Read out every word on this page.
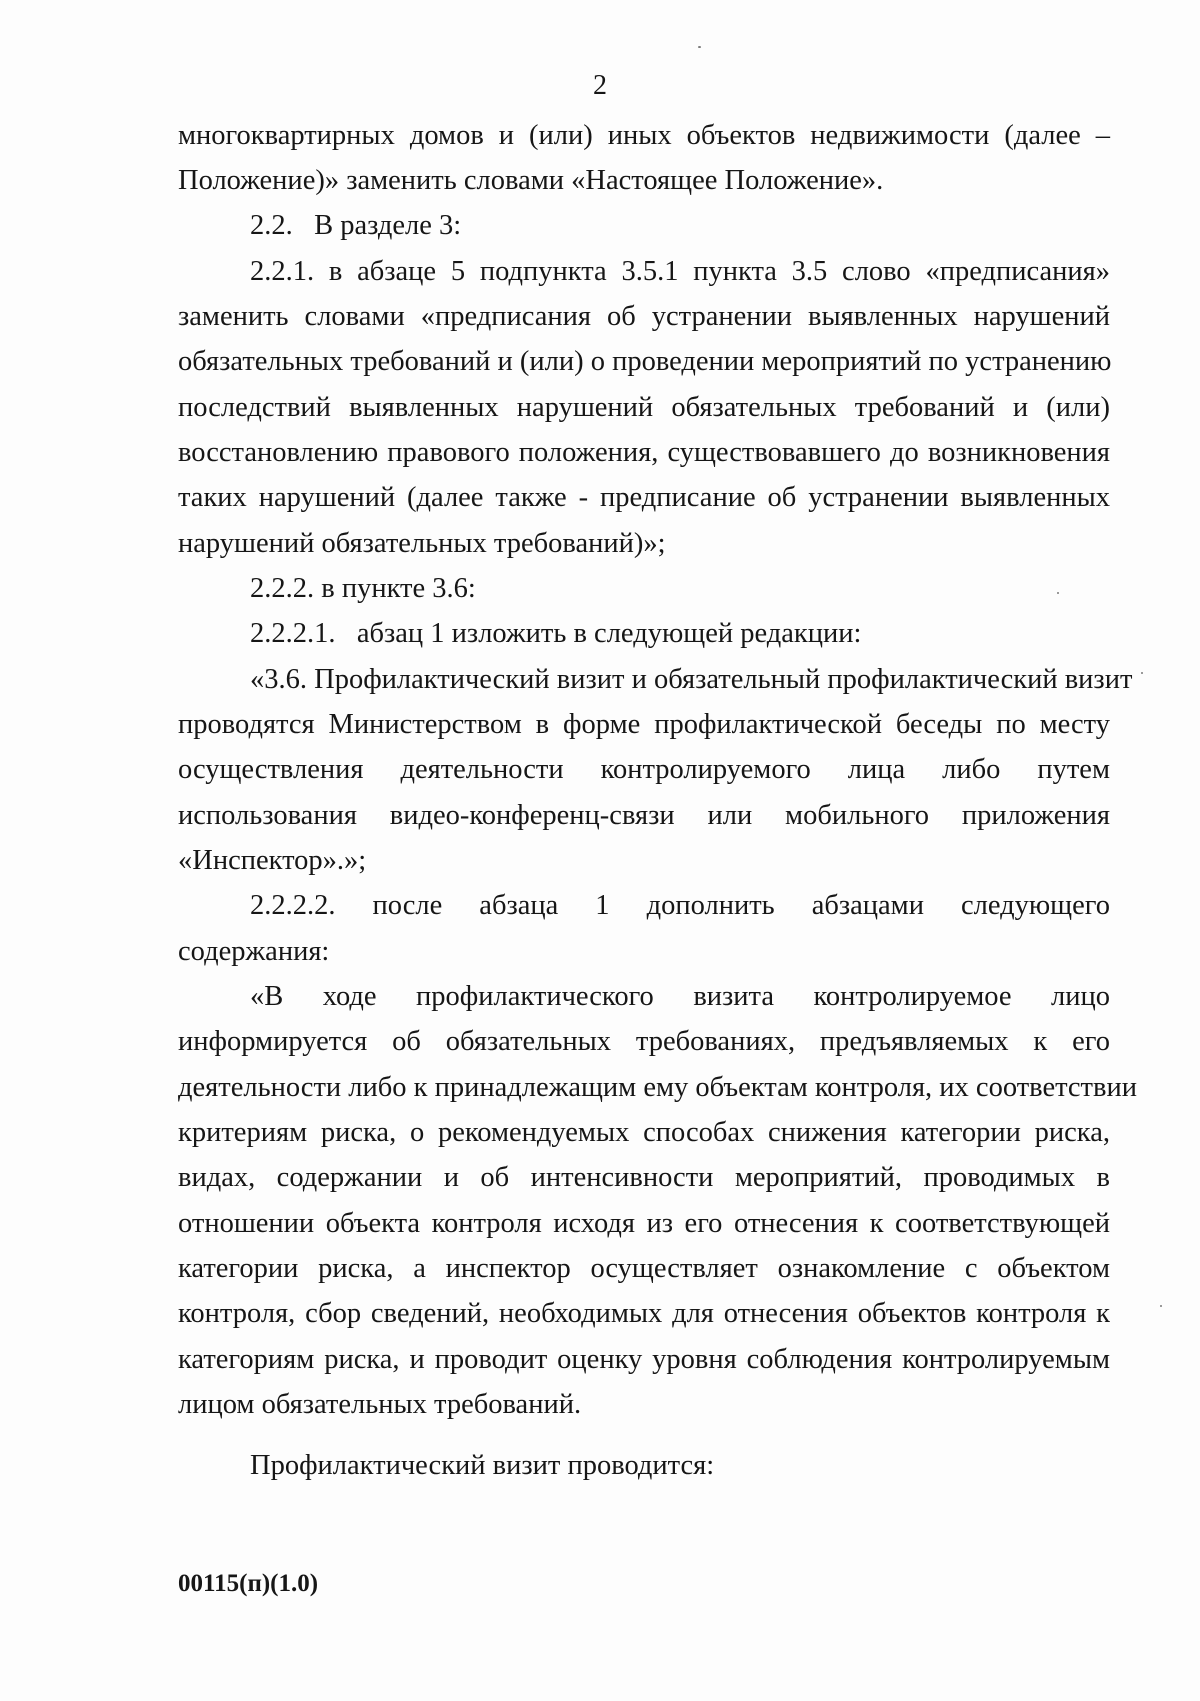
2
многоквартирных домов и (или) иных объектов недвижимости (далее –
Положение)» заменить словами «Настоящее Положение».
2.2.   В разделе 3:
2.2.1. в абзаце 5 подпункта 3.5.1 пункта 3.5 слово «предписания»
заменить словами «предписания об устранении выявленных нарушений
обязательных требований и (или) о проведении мероприятий по устранению
последствий выявленных нарушений обязательных требований и (или)
восстановлению правового положения, существовавшего до возникновения
таких нарушений (далее также - предписание об устранении выявленных
нарушений обязательных требований)»;
2.2.2. в пункте 3.6:
2.2.2.1.   абзац 1 изложить в следующей редакции:
«3.6. Профилактический визит и обязательный профилактический визит
проводятся Министерством в форме профилактической беседы по месту
осуществления деятельности контролируемого лица либо путем
использования видео-конференц-связи или мобильного приложения
«Инспектор».»;
2.2.2.2. после абзаца 1 дополнить абзацами следующего
содержания:
«В ходе профилактического визита контролируемое лицо
информируется об обязательных требованиях, предъявляемых к его
деятельности либо к принадлежащим ему объектам контроля, их соответствии
критериям риска, о рекомендуемых способах снижения категории риска,
видах, содержании и об интенсивности мероприятий, проводимых в
отношении объекта контроля исходя из его отнесения к соответствующей
категории риска, а инспектор осуществляет ознакомление с объектом
контроля, сбор сведений, необходимых для отнесения объектов контроля к
категориям риска, и проводит оценку уровня соблюдения контролируемым
лицом обязательных требований.
Профилактический визит проводится:
00115(п)(1.0)
